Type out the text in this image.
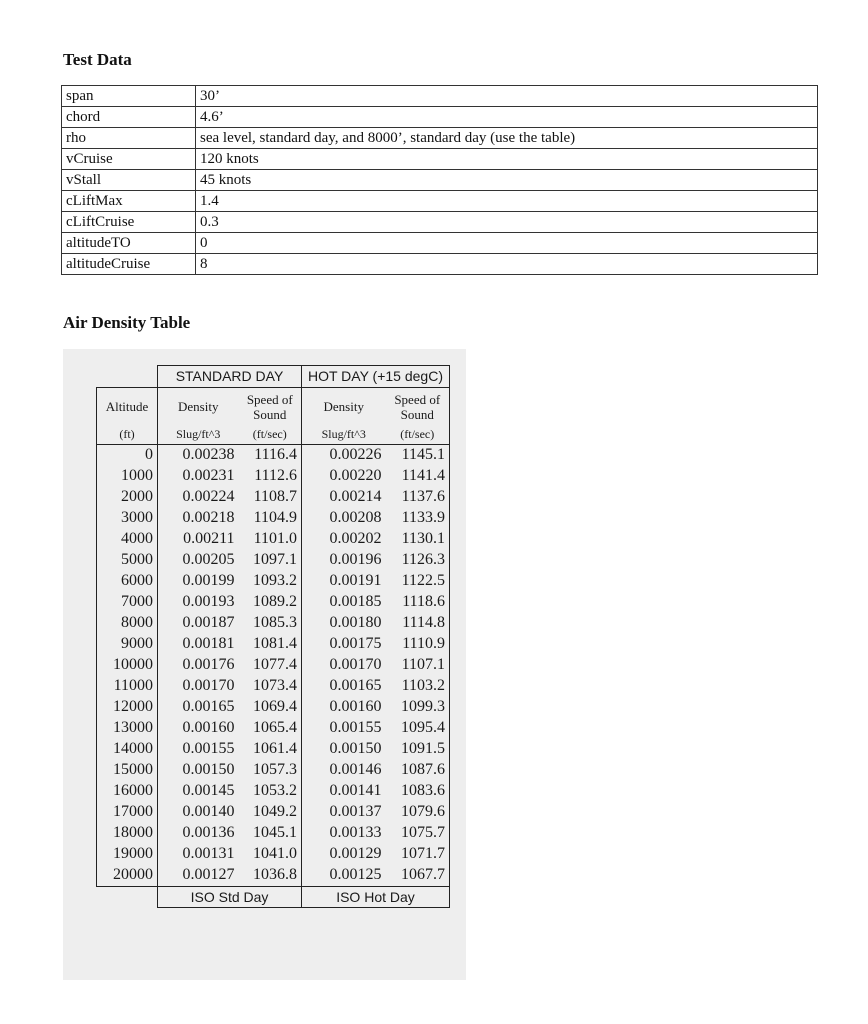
Test Data
span	30’
chord	4.6’
rho	sea level, standard day, and 8000’, standard day (use the table)
vCruise	120 knots
vStall	45 knots
cLiftMax	1.4
cLiftCruise	0.3
altitudeTO	0
altitudeCruise	8
Air Density Table
	STANDARD DAY		HOT DAY (+15 degC)	
Altitude	Density	Speed of Sound	Density	Speed of Sound
(ft)	Slug/ft^3	(ft/sec)	Slug/ft^3	(ft/sec)
0	0.00238	1116.4	0.00226	1145.1
1000	0.00231	1112.6	0.00220	1141.4
2000	0.00224	1108.7	0.00214	1137.6
3000	0.00218	1104.9	0.00208	1133.9
4000	0.00211	1101.0	0.00202	1130.1
5000	0.00205	1097.1	0.00196	1126.3
6000	0.00199	1093.2	0.00191	1122.5
7000	0.00193	1089.2	0.00185	1118.6
8000	0.00187	1085.3	0.00180	1114.8
9000	0.00181	1081.4	0.00175	1110.9
10000	0.00176	1077.4	0.00170	1107.1
11000	0.00170	1073.4	0.00165	1103.2
12000	0.00165	1069.4	0.00160	1099.3
13000	0.00160	1065.4	0.00155	1095.4
14000	0.00155	1061.4	0.00150	1091.5
15000	0.00150	1057.3	0.00146	1087.6
16000	0.00145	1053.2	0.00141	1083.6
17000	0.00140	1049.2	0.00137	1079.6
18000	0.00136	1045.1	0.00133	1075.7
19000	0.00131	1041.0	0.00129	1071.7
20000	0.00127	1036.8	0.00125	1067.7
	ISO Std Day		ISO Hot Day	
